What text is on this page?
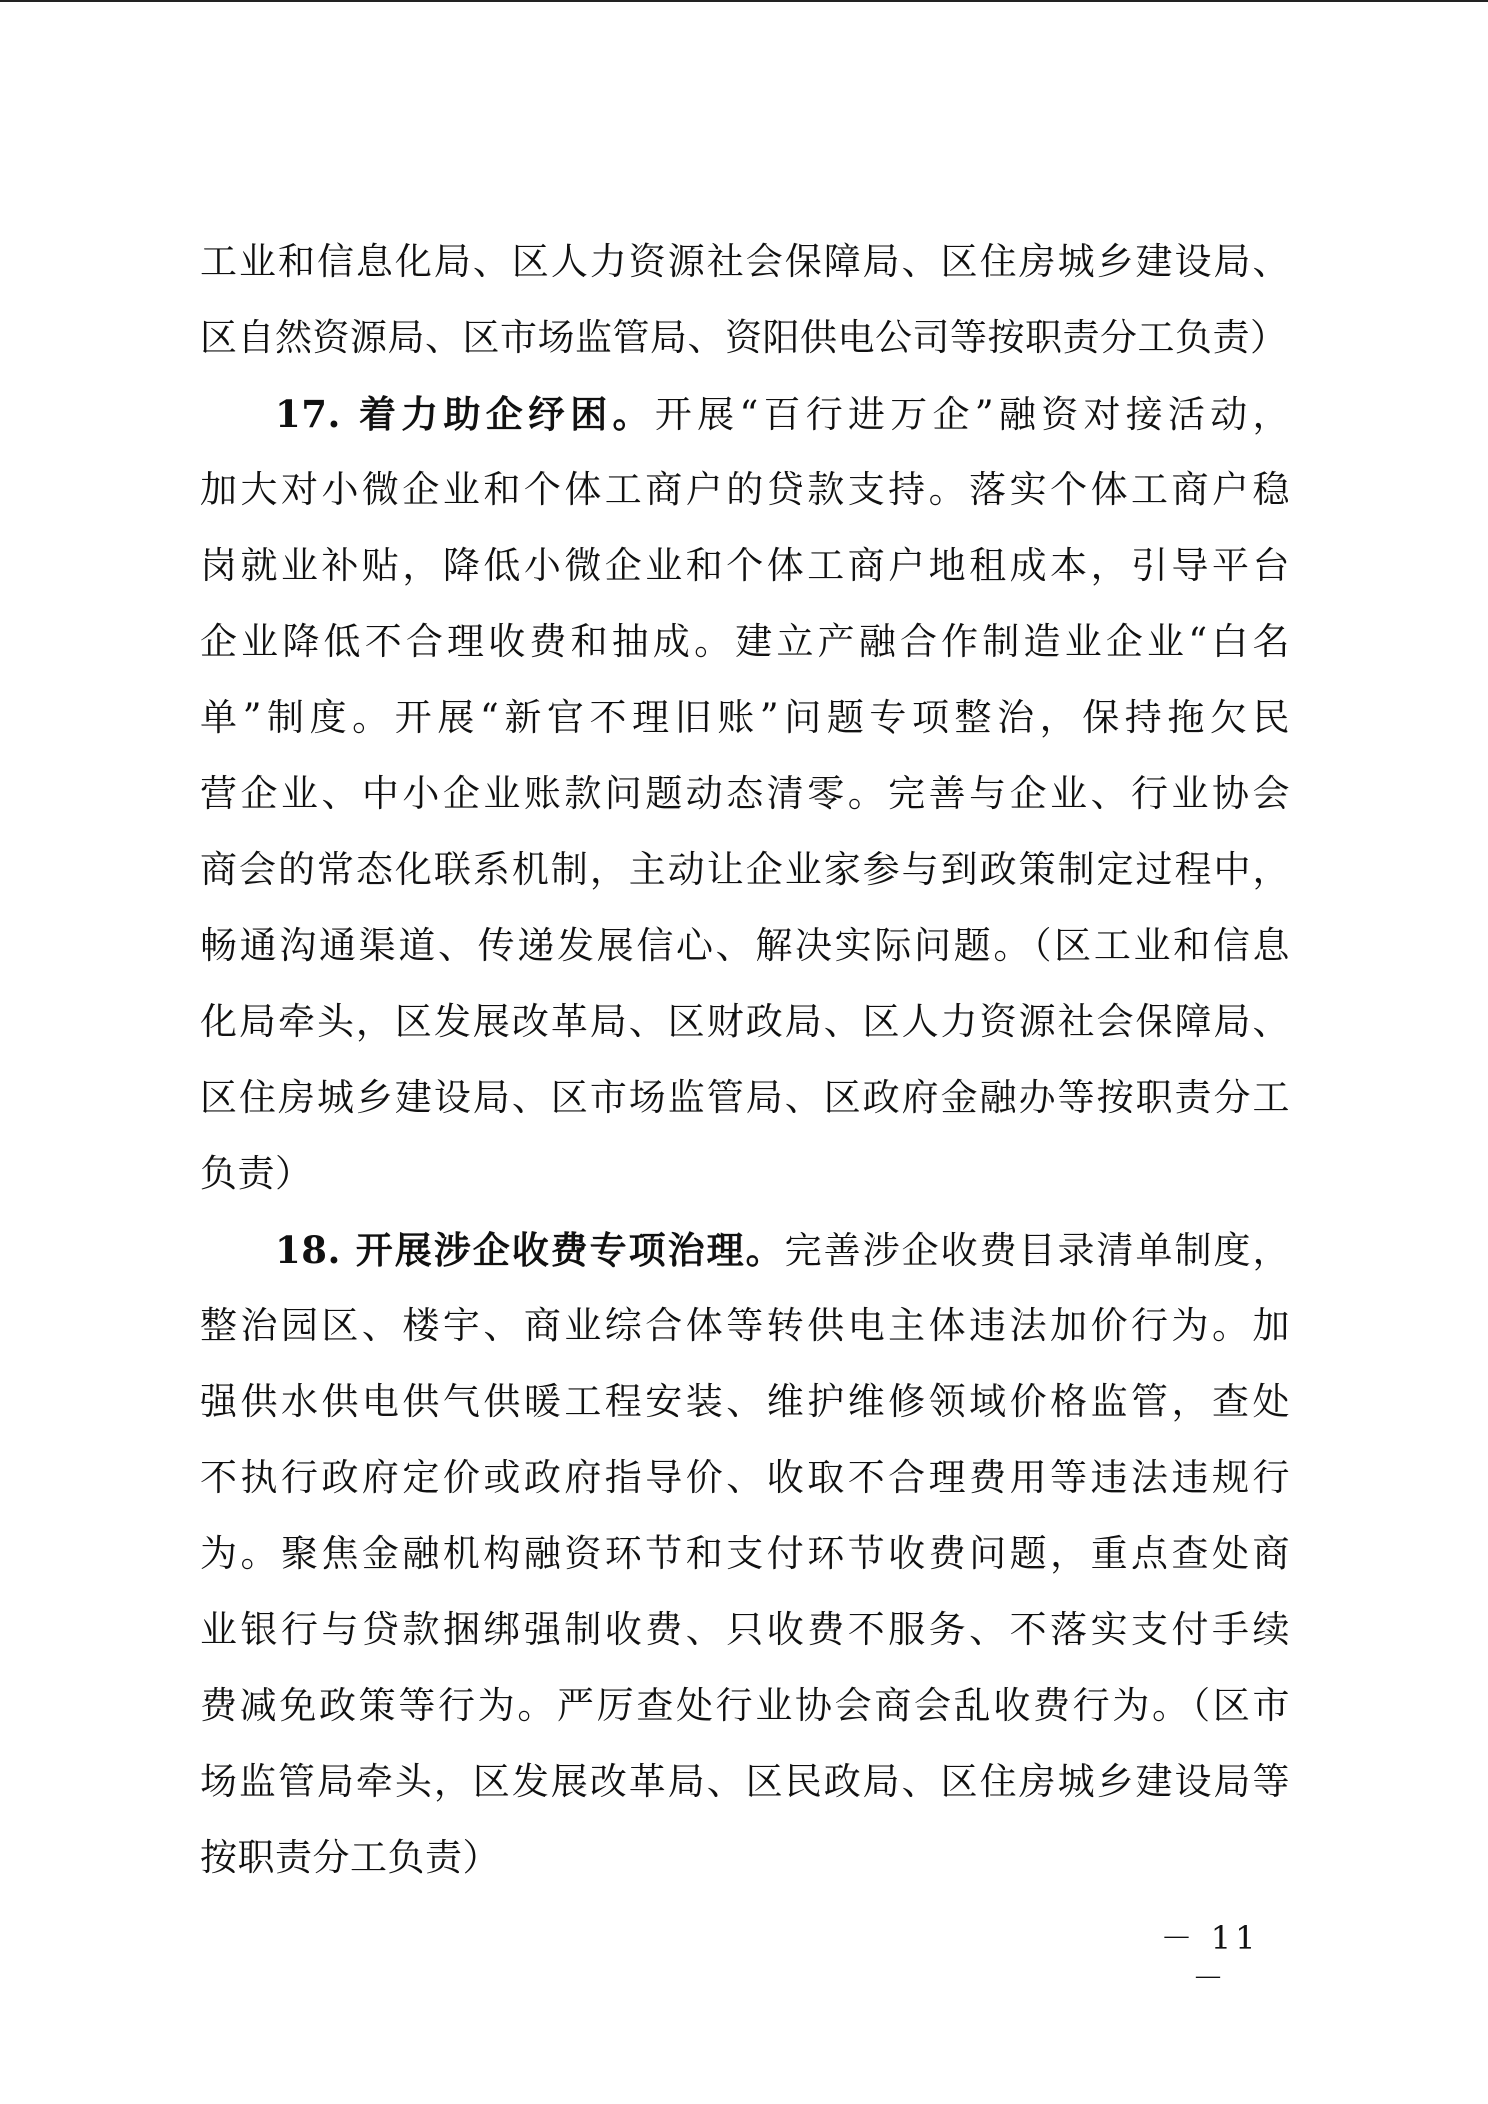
工业和信息化局、区人力资源社会保障局、区住房城乡建设局、
区自然资源局、区市场监管局、资阳供电公司等按职责分工负责）
17. 着力助企纾困。开展“百行进万企”融资对接活动，
加大对小微企业和个体工商户的贷款支持。落实个体工商户稳
岗就业补贴，降低小微企业和个体工商户地租成本，引导平台
企业降低不合理收费和抽成。建立产融合作制造业企业“白名
单”制度。开展“新官不理旧账”问题专项整治，保持拖欠民
营企业、中小企业账款问题动态清零。完善与企业、行业协会
商会的常态化联系机制，主动让企业家参与到政策制定过程中，
畅通沟通渠道、传递发展信心、解决实际问题。（区工业和信息
化局牵头，区发展改革局、区财政局、区人力资源社会保障局、
区住房城乡建设局、区市场监管局、区政府金融办等按职责分工
负责）
18. 开展涉企收费专项治理。完善涉企收费目录清单制度，
整治园区、楼宇、商业综合体等转供电主体违法加价行为。加
强供水供电供气供暖工程安装、维护维修领域价格监管，查处
不执行政府定价或政府指导价、收取不合理费用等违法违规行
为。聚焦金融机构融资环节和支付环节收费问题，重点查处商
业银行与贷款捆绑强制收费、只收费不服务、不落实支付手续
费减免政策等行为。严厉查处行业协会商会乱收费行为。（区市
场监管局牵头，区发展改革局、区民政局、区住房城乡建设局等
按职责分工负责）
－ 11 －
